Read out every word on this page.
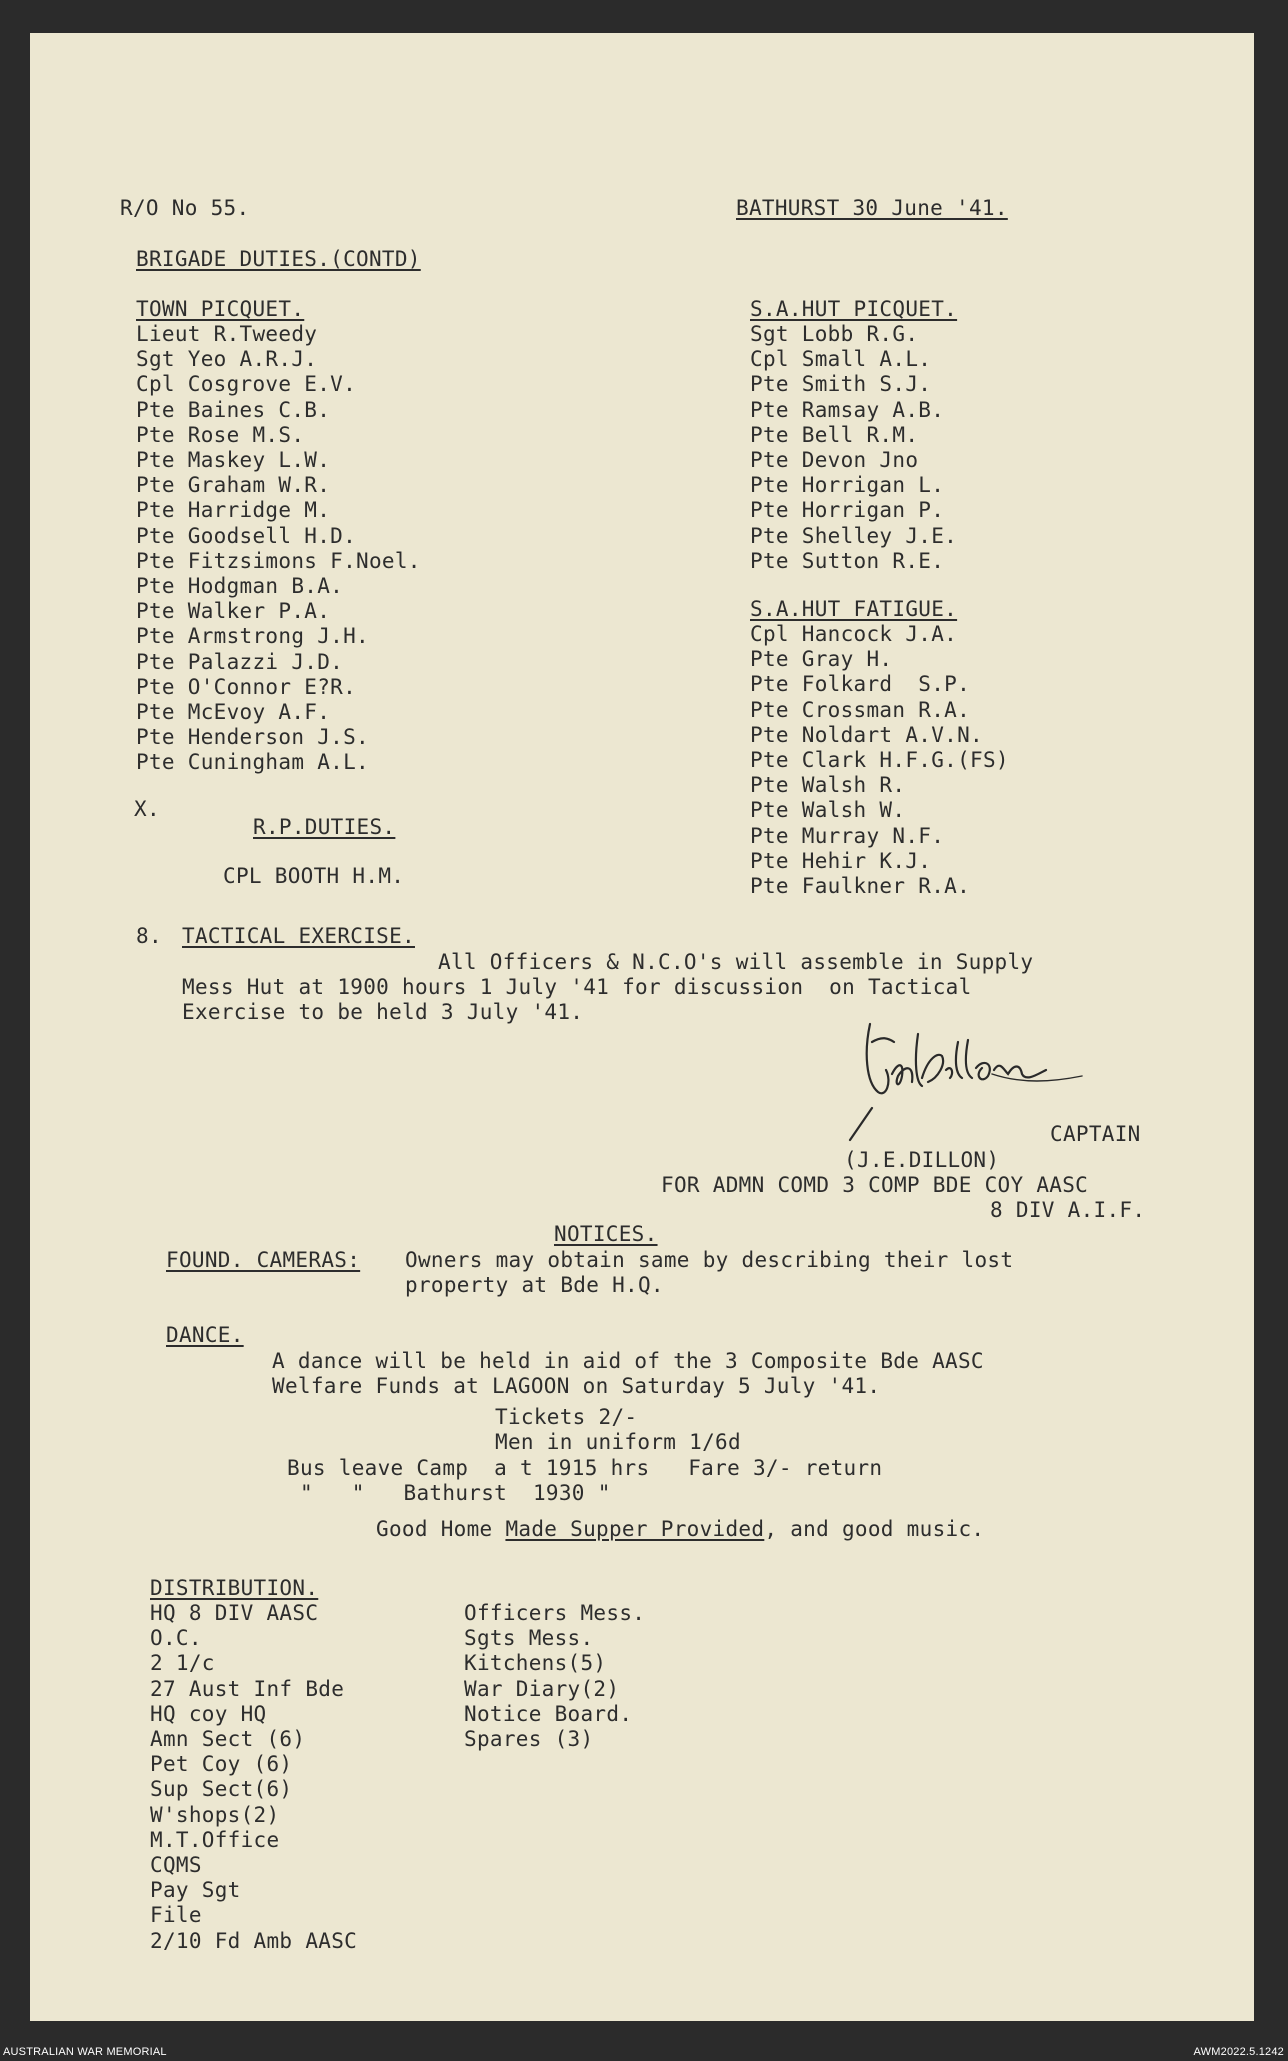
R/O No 55.	BATHURST 30 June '41.
BRIGADE DUTIES.(CONTD)
TOWN PICQUET.
Lieut R.Tweedy
Sgt Yeo A.R.J.
Cpl Cosgrove E.V.
Pte Baines C.B.
Pte Rose M.S.
Pte Maskey L.W.
Pte Graham W.R.
Pte Harridge M.
Pte Goodsell H.D.
Pte Fitzsimons F.Noel.
Pte Hodgman B.A.
Pte Walker P.A.
Pte Armstrong J.H.
Pte Palazzi J.D.
Pte O'Connor E?R.
Pte McEvoy A.F.
Pte Henderson J.S.
Pte Cuningham A.L.
S.A.HUT PICQUET.
Sgt Lobb R.G.
Cpl Small A.L.
Pte Smith S.J.
Pte Ramsay A.B.
Pte Bell R.M.
Pte Devon Jno
Pte Horrigan L.
Pte Horrigan P.
Pte Shelley J.E.
Pte Sutton R.E.
S.A.HUT FATIGUE.
Cpl Hancock J.A.
Pte Gray H.
Pte Folkard  S.P.
Pte Crossman R.A.
Pte Noldart A.V.N.
Pte Clark H.F.G.(FS)
Pte Walsh R.
Pte Walsh W.
Pte Murray N.F.
Pte Hehir K.J.
Pte Faulkner R.A.
X.
R.P.DUTIES.
CPL BOOTH H.M.
8. TACTICAL EXERCISE.
All Officers & N.C.O's will assemble in Supply
Mess Hut at 1900 hours 1 July '41 for discussion  on Tactical
Exercise to be held 3 July '41.
CAPTAIN
(J.E.DILLON)
FOR ADMN COMD 3 COMP BDE COY AASC
8 DIV A.I.F.
NOTICES.
FOUND. CAMERAS: Owners may obtain same by describing their lost
property at Bde H.Q.
DANCE.
A dance will be held in aid of the 3 Composite Bde AASC
Welfare Funds at LAGOON on Saturday 5 July '41.
Tickets 2/-
Men in uniform 1/6d
Bus leave Camp  a t 1915 hrs   Fare 3/- return
"   "   Bathurst  1930 "
Good Home Made Supper Provided, and good music.
DISTRIBUTION.
HQ 8 DIV AASC
O.C.
2 1/c
27 Aust Inf Bde
HQ coy HQ
Amn Sect (6)
Pet Coy (6)
Sup Sect(6)
W'shops(2)
M.T.Office
CQMS
Pay Sgt
File
2/10 Fd Amb AASC
Officers Mess.
Sgts Mess.
Kitchens(5)
War Diary(2)
Notice Board.
Spares (3)
AUSTRALIAN WAR MEMORIAL	AWM2022.5.1242
